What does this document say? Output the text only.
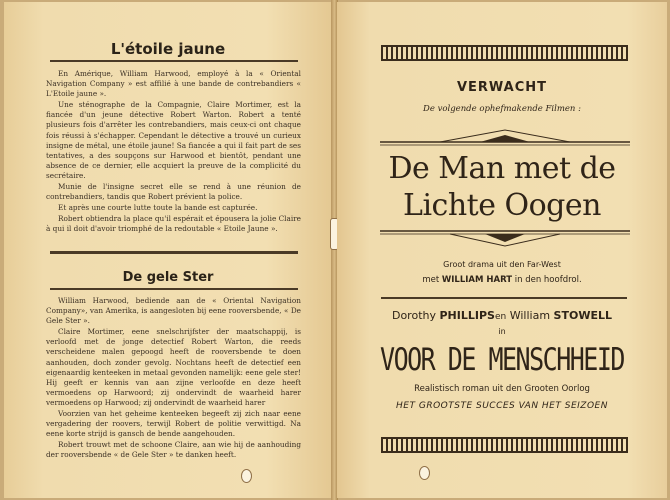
L'étoile jaune

En Amérique, William Harwood, employé à la « Oriental Navigation Company » est affilié à une bande de contrebandiers « L'Etoile jaune ».

Une sténographe de la Compagnie, Claire Mortimer, est la fiancée d'un jeune détective Robert Warton. Robert a tenté plusieurs fois d'arrêter les contrebandiers, mais ceux-ci ont chaque fois réussi à s'échapper. Cependant le détective a trouvé un curieux insigne de métal, une étoile jaune! Sa fiancée a qui il fait part de ses tentatives, a des soupçons sur Harwood et bientôt, pendant une absence de ce dernier, elle acquiert la preuve de la complicité du secrétaire.

Munie de l'insigne secret elle se rend à une réunion de contrebandiers, tandis que Robert prévient la police.

Et après une courte lutte toute la bande est capturée.

Robert obtiendra la place qu'il espérait et épousera la jolie Claire à qui il doit d'avoir triomphé de la redoutable « Etoile Jaune ».

De gele Ster

William Harwood, bediende aan de « Oriental Navigation Company», van Amerika, is aangesloten bij eene rooversbende, « De Gele Ster ».

Claire Mortimer, eene snelschrijfster der maatschappij, is verloofd met de jonge detectief Robert Warton, die reeds verscheidene malen gepoogd heeft de rooversbende te doen aanhouden, doch zonder gevolg. Nochtans heeft de detectief een eigenaardig kenteeken in metaal gevonden namelijk: eene gele ster! Hij geeft er kennis van aan zijne verloofde en deze heeft vermoedens op Harwoord; zij ondervindt de waarheid harer vermoedens op Harwood; zij ondervindt de waarheid harer

Voorzien van het geheime kenteeken begeeft zij zich naar eene vergadering der roovers, terwijl Robert de politie verwittigd. Na eene korte strijd is gansch de bende aangehouden.

Robert trouwt met de schoone Claire, aan wie hij de aanhouding der rooversbende « de Gele Ster » te danken heeft.

VERWACHT
De volgende ophefmakende Filmen :
De Man met de
Lichte Oogen
Groot drama uit den Far-West
met WILLIAM HART in den hoofdrol.
Dorothy PHILLIPSen William STOWELL
in
VOOR DE MENSCHHEID
Realistisch roman uit den Grooten Oorlog
HET GROOTSTE SUCCES VAN HET SEIZOEN
